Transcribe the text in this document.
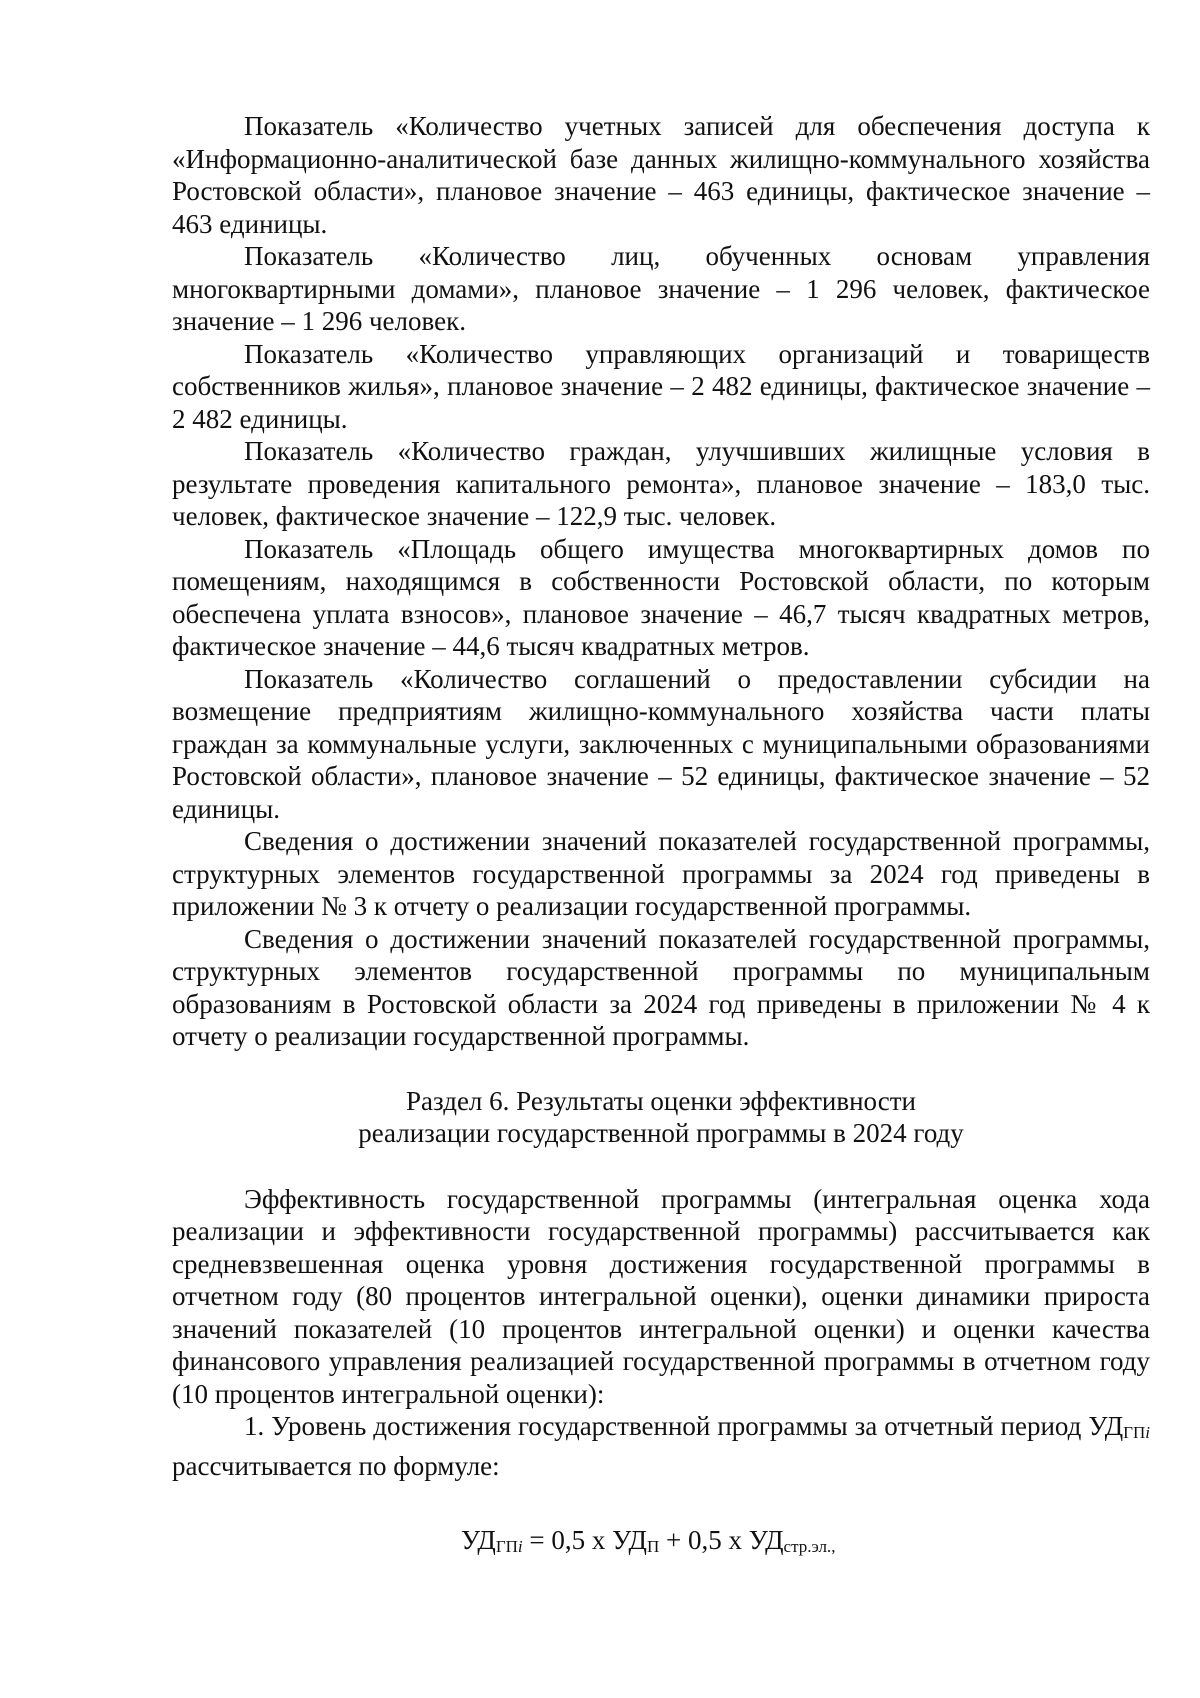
Показатель «Количество учетных записей для обеспечения доступа к «Информационно-аналитической базе данных жилищно-коммунального хозяйства Ростовской области», плановое значение – 463 единицы, фактическое значение – 463 единицы.

Показатель «Количество лиц, обученных основам управления многоквартирными домами», плановое значение – 1 296 человек, фактическое значение – 1 296 человек.

Показатель «Количество управляющих организаций и товариществ собственников жилья», плановое значение – 2 482 единицы, фактическое значение – 2 482 единицы.

Показатель «Количество граждан, улучшивших жилищные условия в результате проведения капитального ремонта», плановое значение – 183,0 тыс. человек, фактическое значение – 122,9 тыс. человек.

Показатель «Площадь общего имущества многоквартирных домов по помещениям, находящимся в собственности Ростовской области, по которым обеспечена уплата взносов», плановое значение – 46,7 тысяч квадратных метров, фактическое значение – 44,6 тысяч квадратных метров.

Показатель «Количество соглашений о предоставлении субсидии на возмещение предприятиям жилищно-коммунального хозяйства части платы граждан за коммунальные услуги, заключенных с муниципальными образованиями Ростовской области», плановое значение – 52 единицы, фактическое значение – 52 единицы.

Сведения о достижении значений показателей государственной программы, структурных элементов государственной программы за 2024 год приведены в приложении № 3 к отчету о реализации государственной программы.

Сведения о достижении значений показателей государственной программы, структурных элементов государственной программы по муниципальным образованиям в Ростовской области за 2024 год приведены в приложении № 4 к отчету о реализации государственной программы.

Раздел 6. Результаты оценки эффективности
реализации государственной программы в 2024 году

Эффективность государственной программы (интегральная оценка хода реализации и эффективности государственной программы) рассчитывается как средневзвешенная оценка уровня достижения государственной программы в отчетном году (80 процентов интегральной оценки), оценки динамики прироста значений показателей (10 процентов интегральной оценки) и оценки качества финансового управления реализацией государственной программы в отчетном году (10 процентов интегральной оценки):

1. Уровень достижения государственной программы за отчетный период УДГПi рассчитывается по формуле:

УДГПi = 0,5 х УДП + 0,5 х УДстр.эл.,
